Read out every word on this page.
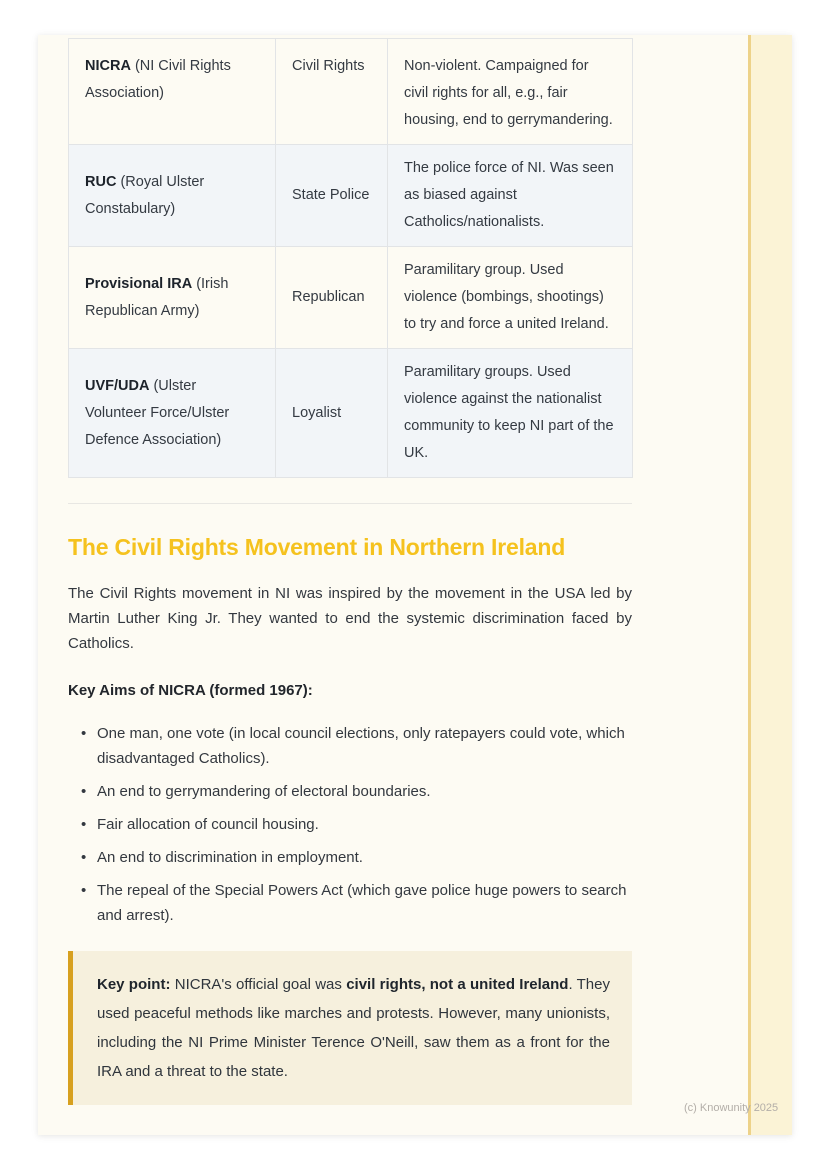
NICRA (NI Civil Rights Association)	Civil Rights	Non-violent. Campaigned for civil rights for all, e.g., fair housing, end to gerrymandering.
RUC (Royal Ulster Constabulary)	State Police	The police force of NI. Was seen as biased against Catholics/nationalists.
Provisional IRA (Irish Republican Army)	Republican	Paramilitary group. Used violence (bombings, shootings) to try and force a united Ireland.
UVF/UDA (Ulster Volunteer Force/Ulster Defence Association)	Loyalist	Paramilitary groups. Used violence against the nationalist community to keep NI part of the UK.
The Civil Rights Movement in Northern Ireland

The Civil Rights movement in NI was inspired by the movement in the USA led by Martin Luther King Jr. They wanted to end the systemic discrimination faced by Catholics.

Key Aims of NICRA (formed 1967):

• One man, one vote (in local council elections, only ratepayers could vote, which disadvantaged Catholics).
• An end to gerrymandering of electoral boundaries.
• Fair allocation of council housing.
• An end to discrimination in employment.
• The repeal of the Special Powers Act (which gave police huge powers to search and arrest).

Key point: NICRA's official goal was civil rights, not a united Ireland. They used peaceful methods like marches and protests. However, many unionists, including the NI Prime Minister Terence O'Neill, saw them as a front for the IRA and a threat to the state.

(c) Knowunity 2025
